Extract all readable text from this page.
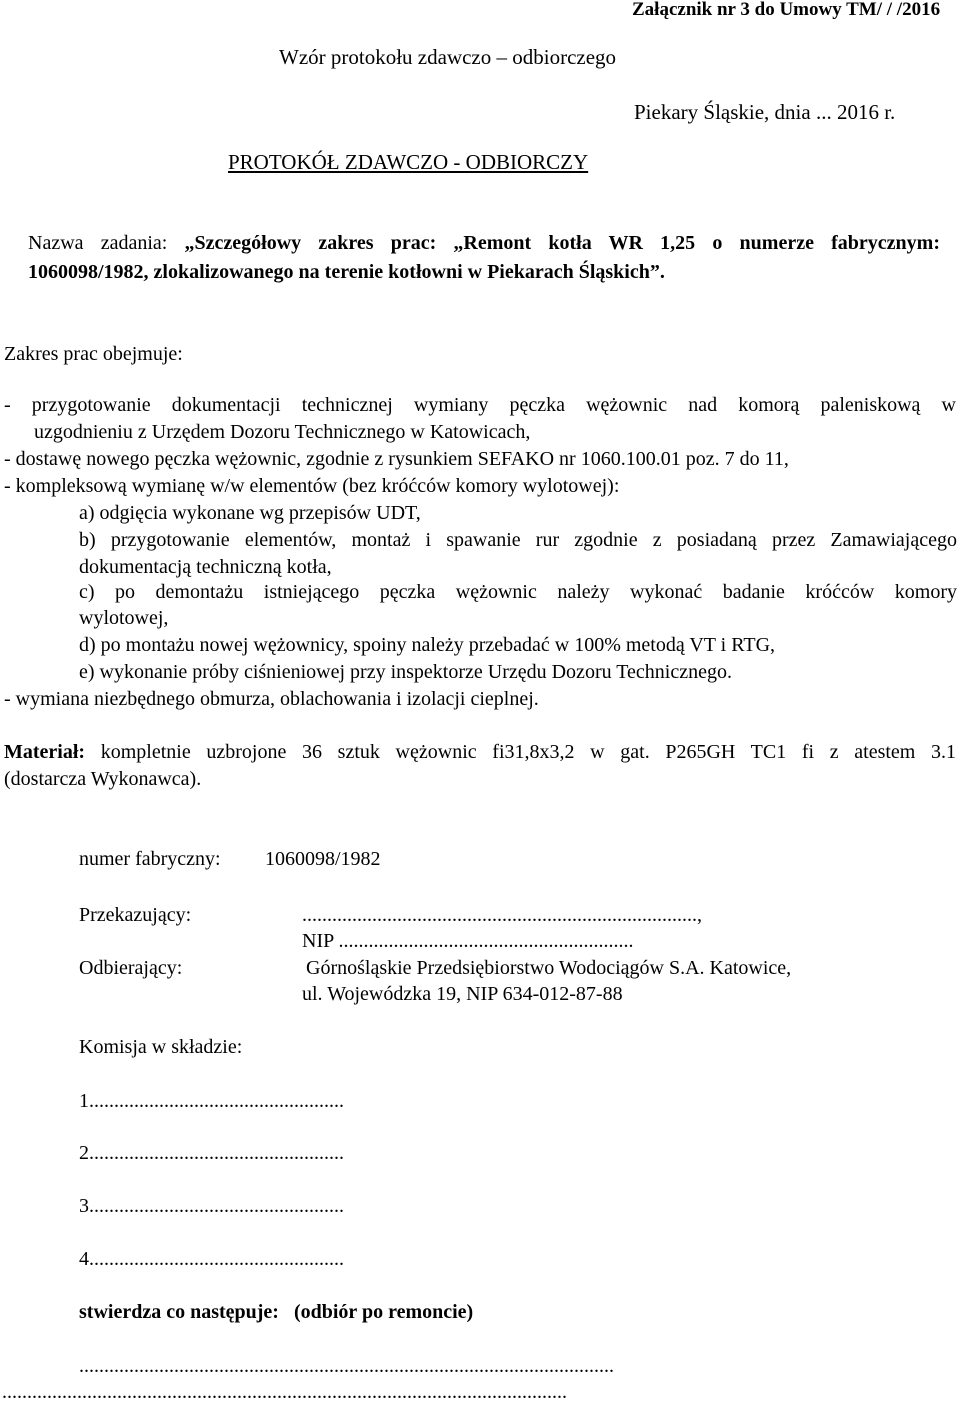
Załącznik nr 3 do Umowy TM/ / /2016
Wzór protokołu zdawczo – odbiorczego
Piekary Śląskie, dnia ... 2016 r.
PROTOKÓŁ ZDAWCZO - ODBIORCZY
Nazwa zadania: „Szczegółowy zakres prac: „Remont kotła WR 1,25 o numerze fabrycznym:
1060098/1982, zlokalizowanego na terenie kotłowni w Piekarach Śląskich”.
Zakres prac obejmuje:
- przygotowanie dokumentacji technicznej wymiany pęczka wężownic nad komorą paleniskową w
uzgodnieniu z Urzędem Dozoru Technicznego w Katowicach,
- dostawę nowego pęczka wężownic, zgodnie z rysunkiem SEFAKO nr 1060.100.01 poz. 7 do 11,
- kompleksową wymianę w/w elementów (bez króćców komory wylotowej):
a) odgięcia wykonane wg przepisów UDT,
b) przygotowanie elementów, montaż i spawanie rur zgodnie z posiadaną przez Zamawiającego
dokumentacją techniczną kotła,
c) po demontażu istniejącego pęczka wężownic należy wykonać badanie króćców komory
wylotowej,
d) po montażu nowej wężownicy, spoiny należy przebadać w 100% metodą VT i RTG,
e) wykonanie próby ciśnieniowej przy inspektorze Urzędu Dozoru Technicznego.
- wymiana niezbędnego obmurza, oblachowania i izolacji cieplnej.
Materiał: kompletnie uzbrojone 36 sztuk wężownic fi31,8x3,2 w gat. P265GH TC1 fi z atestem 3.1
(dostarcza Wykonawca).
numer fabryczny: 1060098/1982
Przekazujący:	...............................................................................,
NIP ...........................................................
Odbierający:	Górnośląskie Przedsiębiorstwo Wodociągów S.A. Katowice,
ul. Wojewódzka 19, NIP 634-012-87-88
Komisja w składzie:
1...................................................
2...................................................
3...................................................
4...................................................
stwierdza co następuje: (odbiór po remoncie)
...........................................................................................................
.................................................................................................................
